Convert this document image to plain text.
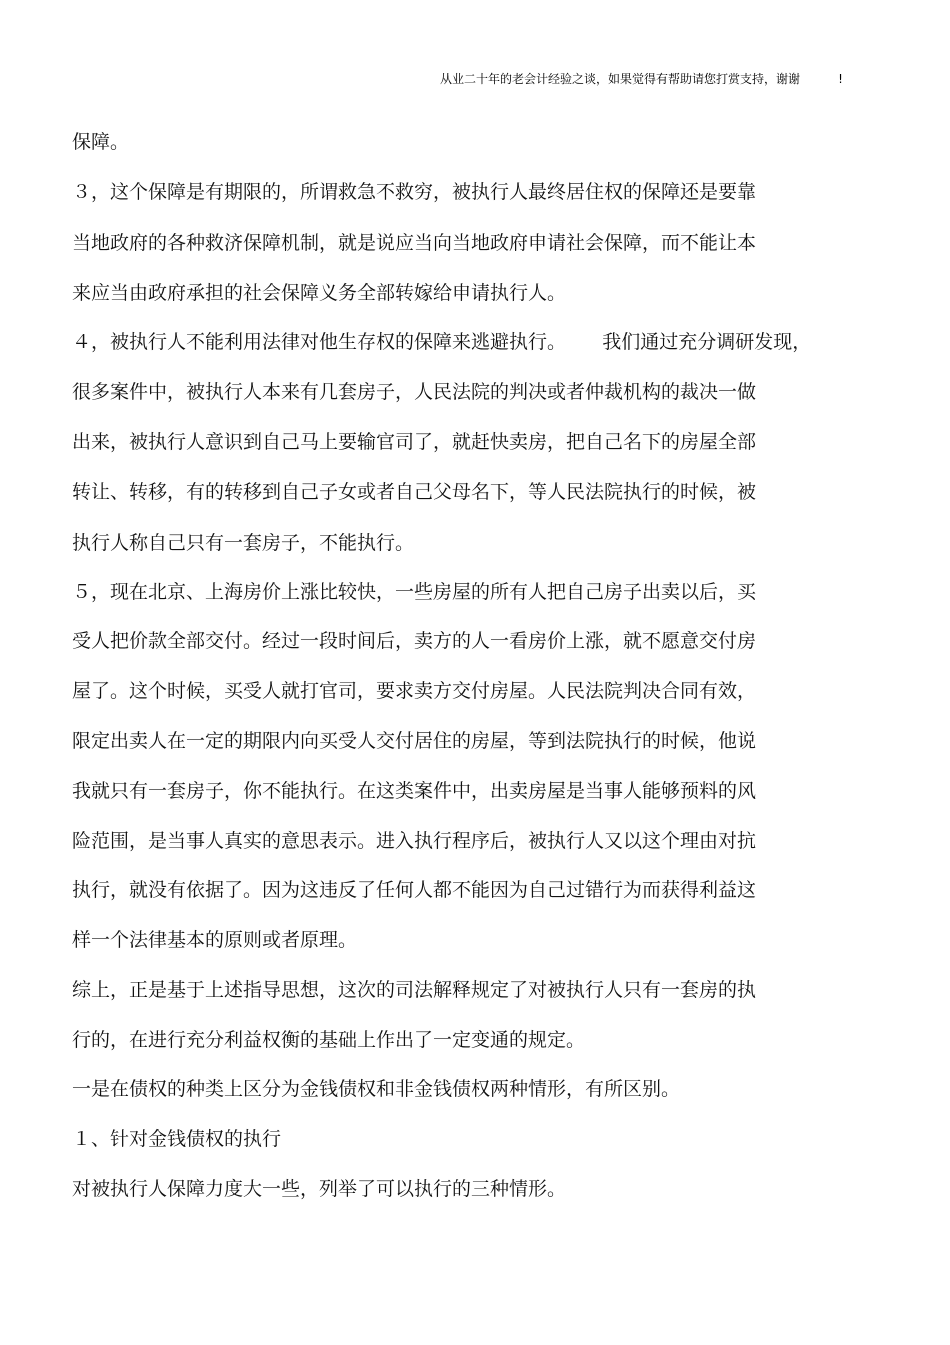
从业二十年的老会计经验之谈，如果觉得有帮助请您打赏支持，谢谢          !
保障。
３，这个保障是有期限的，所谓救急不救穷，被执行人最终居住权的保障还是要靠
当地政府的各种救济保障机制，就是说应当向当地政府申请社会保障，而不能让本
来应当由政府承担的社会保障义务全部转嫁给申请执行人。
４，被执行人不能利用法律对他生存权的保障来逃避执行。      我们通过充分调研发现，
很多案件中，被执行人本来有几套房子，人民法院的判决或者仲裁机构的裁决一做
出来，被执行人意识到自己马上要输官司了，就赶快卖房，把自己名下的房屋全部
转让、转移，有的转移到自己子女或者自己父母名下，等人民法院执行的时候，被
执行人称自己只有一套房子，不能执行。
５，现在北京、上海房价上涨比较快，一些房屋的所有人把自己房子出卖以后，买
受人把价款全部交付。经过一段时间后，卖方的人一看房价上涨，就不愿意交付房
屋了。这个时候，买受人就打官司，要求卖方交付房屋。人民法院判决合同有效，
限定出卖人在一定的期限内向买受人交付居住的房屋，等到法院执行的时候，他说
我就只有一套房子，你不能执行。在这类案件中，出卖房屋是当事人能够预料的风
险范围，是当事人真实的意思表示。进入执行程序后，被执行人又以这个理由对抗
执行，就没有依据了。因为这违反了任何人都不能因为自己过错行为而获得利益这
样一个法律基本的原则或者原理。
综上，正是基于上述指导思想，这次的司法解释规定了对被执行人只有一套房的执
行的，在进行充分利益权衡的基础上作出了一定变通的规定。
一是在债权的种类上区分为金钱债权和非金钱债权两种情形，有所区别。
１、针对金钱债权的执行
对被执行人保障力度大一些，列举了可以执行的三种情形。
